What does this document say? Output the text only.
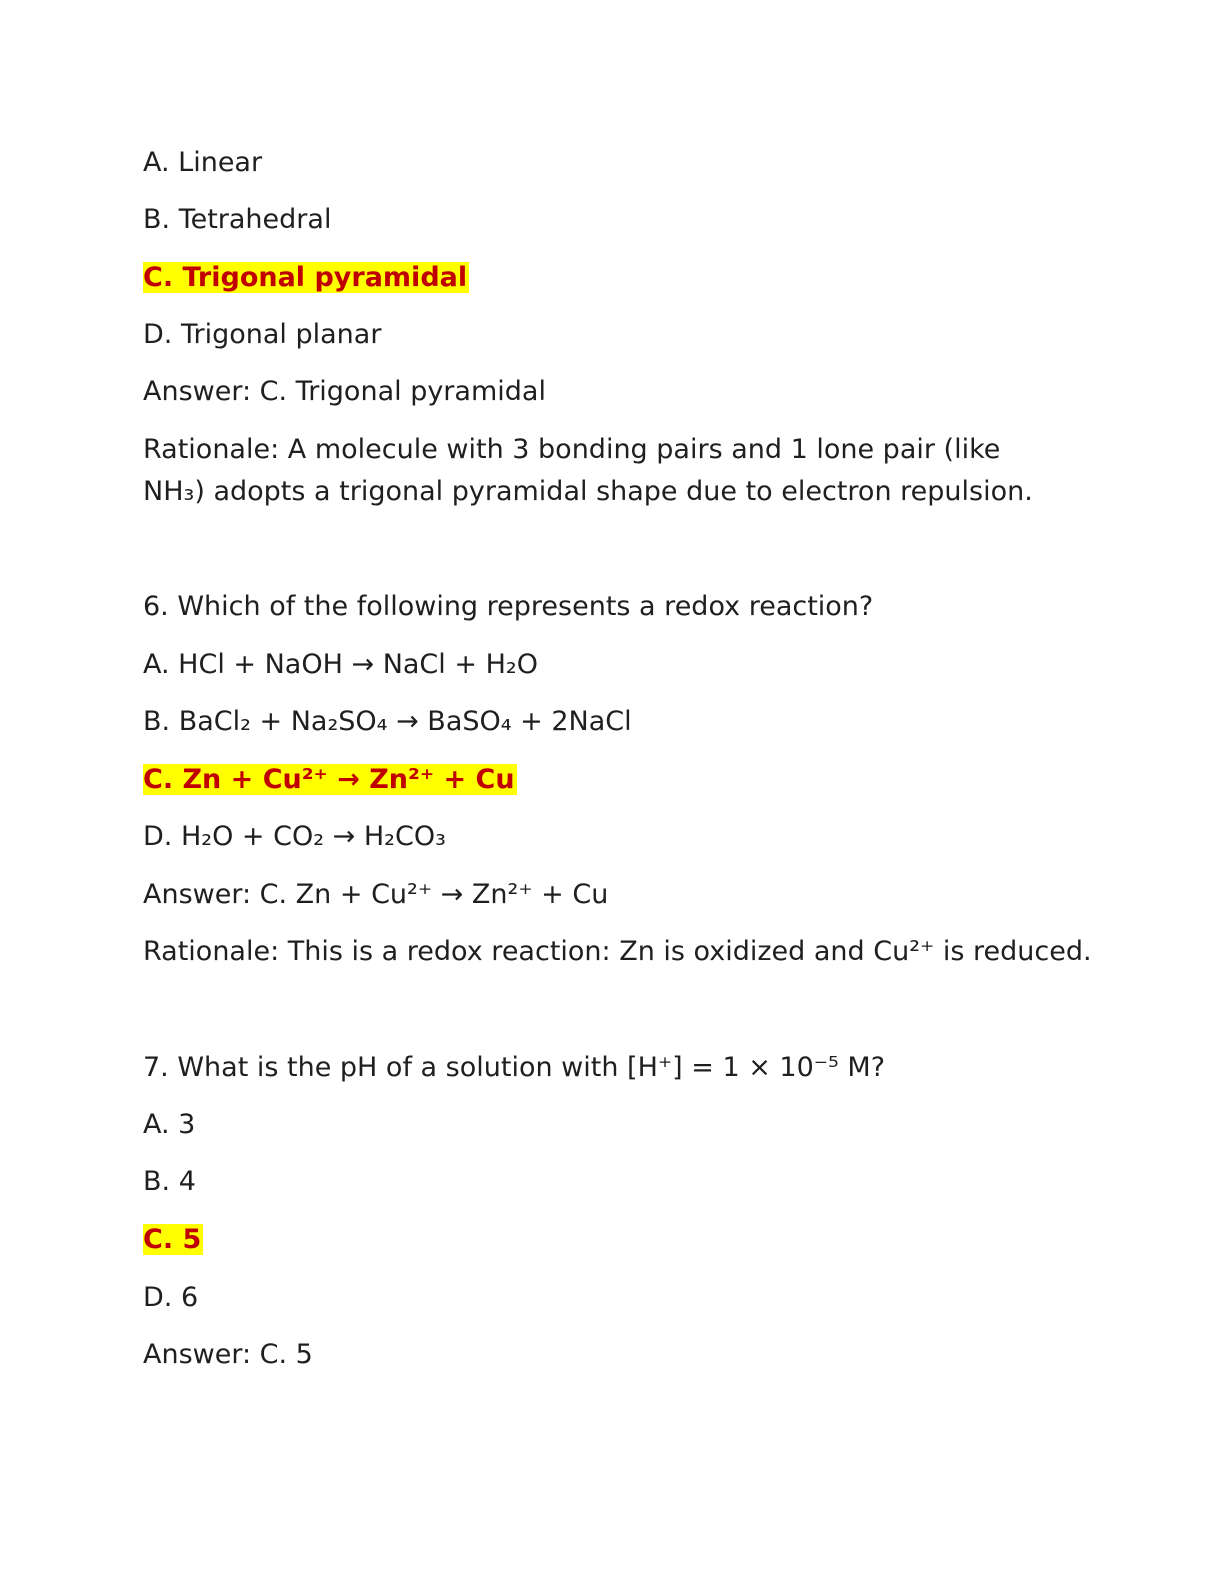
A. Linear
B. Tetrahedral
C. Trigonal pyramidal
D. Trigonal planar
Answer: C. Trigonal pyramidal
Rationale: A molecule with 3 bonding pairs and 1 lone pair (like NH₃) adopts a trigonal pyramidal shape due to electron repulsion.
6. Which of the following represents a redox reaction?
A. HCl + NaOH → NaCl + H₂O
B. BaCl₂ + Na₂SO₄ → BaSO₄ + 2NaCl
C. Zn + Cu²⁺ → Zn²⁺ + Cu
D. H₂O + CO₂ → H₂CO₃
Answer: C. Zn + Cu²⁺ → Zn²⁺ + Cu
Rationale: This is a redox reaction: Zn is oxidized and Cu²⁺ is reduced.
7. What is the pH of a solution with [H⁺] = 1 × 10⁻⁵ M?
A. 3
B. 4
C. 5
D. 6
Answer: C. 5
